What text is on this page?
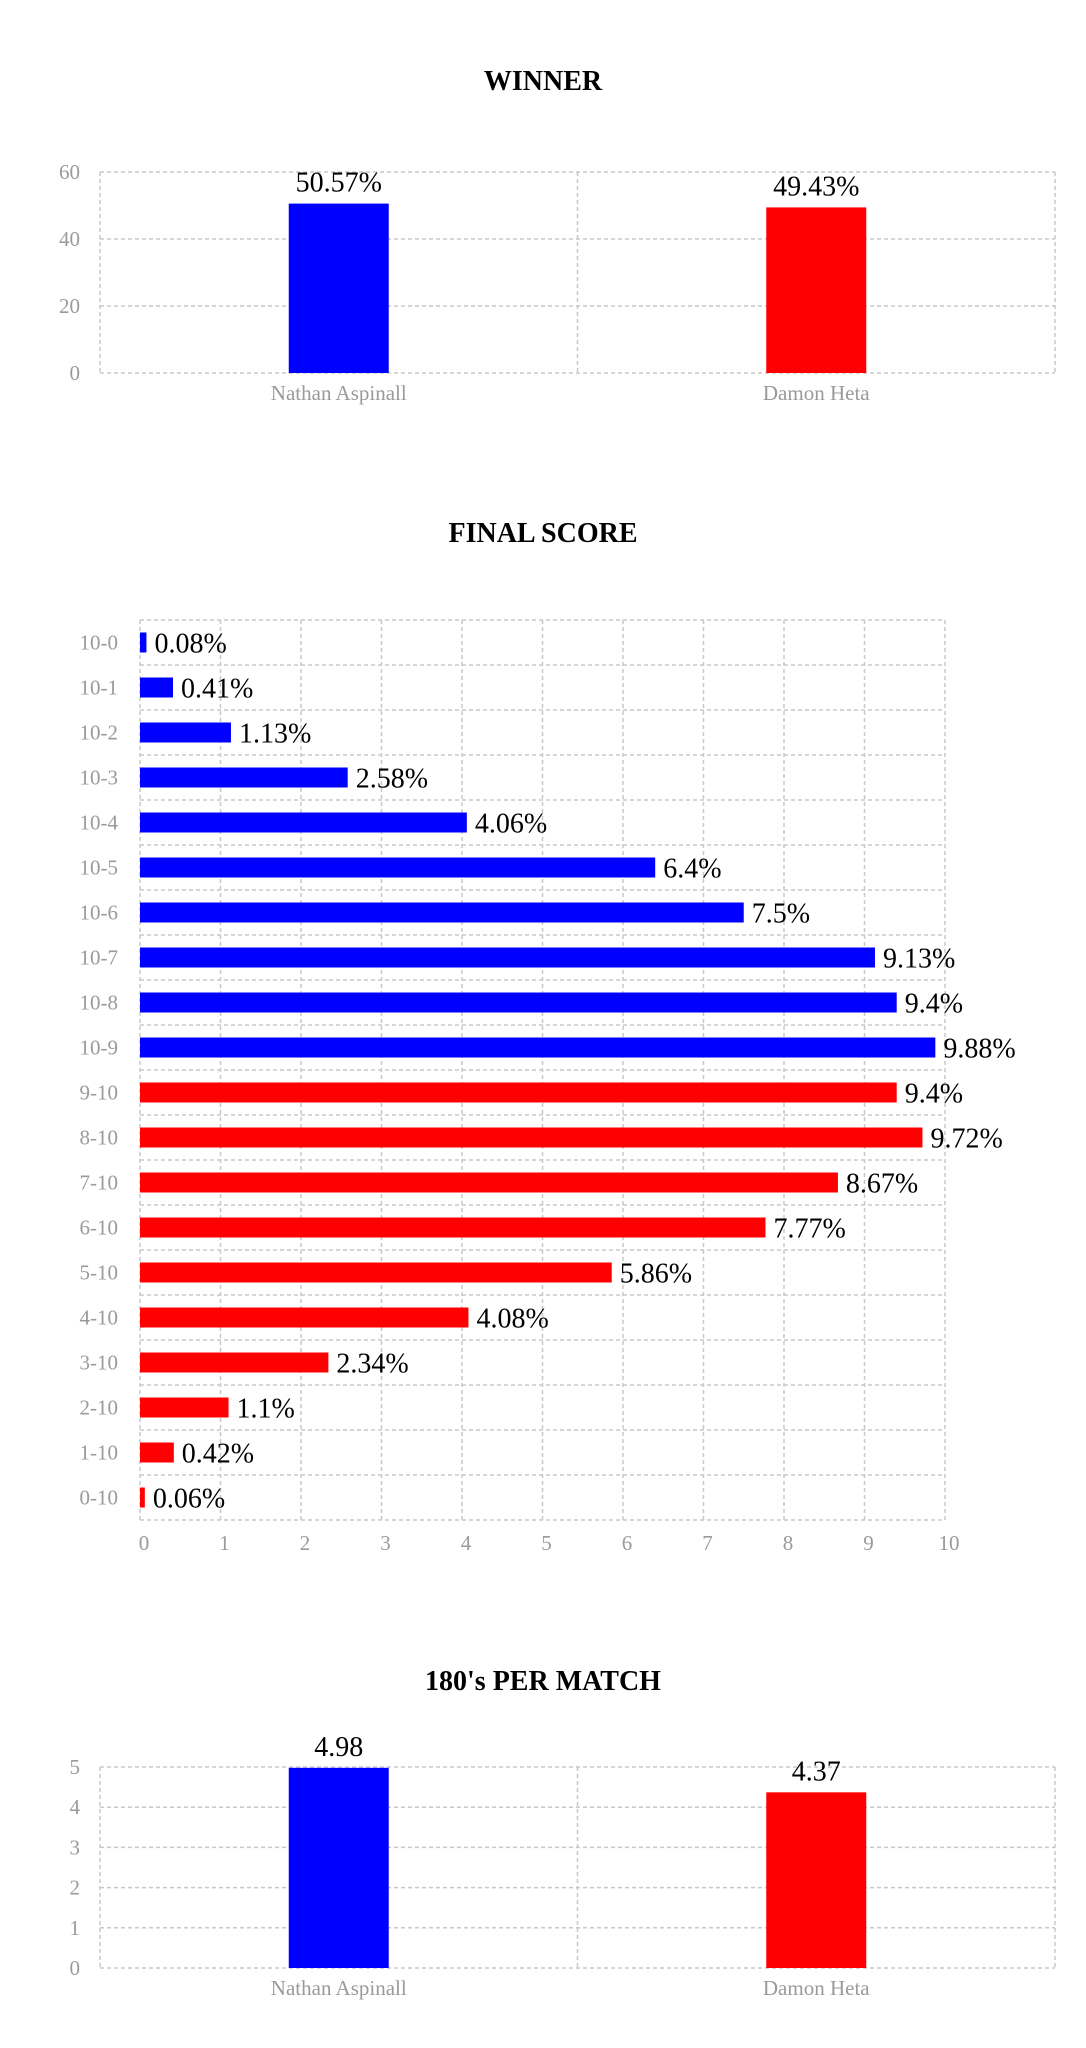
WINNER
0
20
40
60	50.57%
Nathan Aspinall
49.43%
Damon Heta
FINAL SCORE
0	1	2	3	4	5	6	7	8	9	10
0.08%
10-0
0.41%
10-1
1.13%
10-2
2.58%
10-3
4.06%
10-4
6.4%
10-5
7.5%
10-6
9.13%
10-7
9.4%
10-8
9.88%
10-9
9.4%
9-10
9.72%
8-10
8.67%
7-10
7.77%
6-10
5.86%
5-10
4.08%
4-10
2.34%
3-10
1.1%
2-10
0.42%
1-10
0.06%
0-10
180's PER MATCH
0
1
2
3
4
5
4.98
Nathan Aspinall
4.37
Damon Heta
